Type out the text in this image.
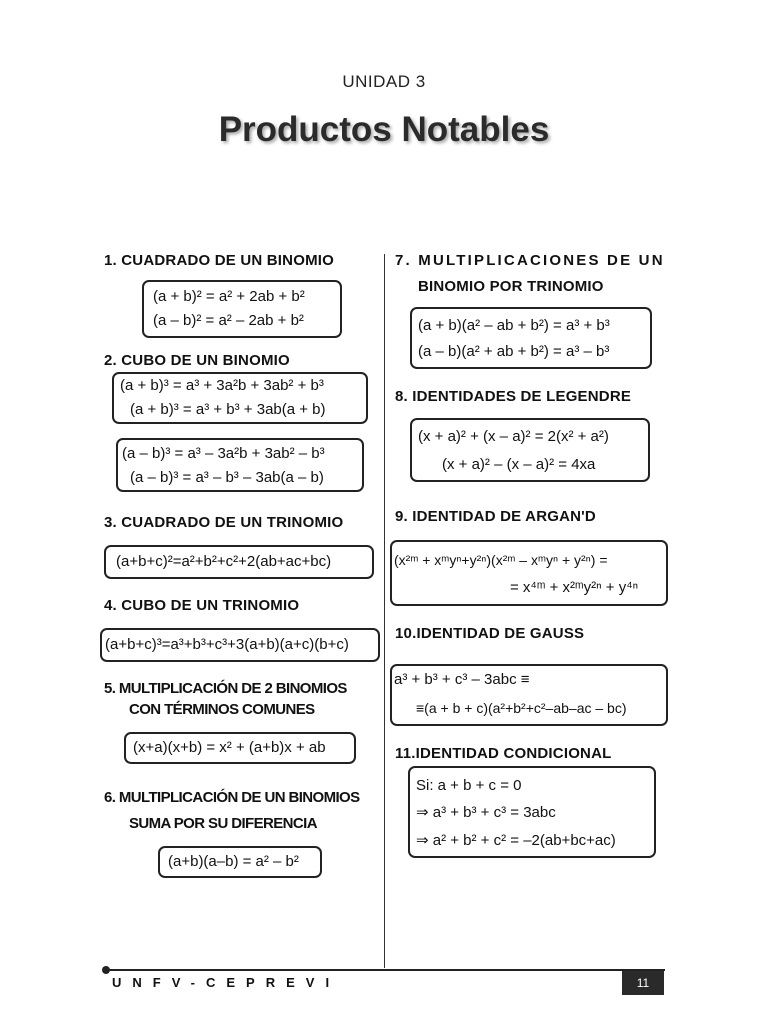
UNIDAD 3
Productos Notables
1. CUADRADO DE UN BINOMIO
(a + b)² = a² + 2ab + b²
(a – b)² = a² – 2ab + b²
2. CUBO DE UN BINOMIO
(a + b)³ = a³ + 3a²b + 3ab² + b³
(a + b)³ = a³ + b³ + 3ab(a + b)
(a – b)³ = a³ – 3a²b + 3ab² – b³
(a – b)³ = a³ – b³ – 3ab(a – b)
3. CUADRADO DE UN TRINOMIO
(a+b+c)²=a²+b²+c²+2(ab+ac+bc)
4. CUBO DE UN TRINOMIO
(a+b+c)³=a³+b³+c³+3(a+b)(a+c)(b+c)
5. MULTIPLICACIÓN DE 2 BINOMIOS
CON TÉRMINOS COMUNES
(x+a)(x+b) = x² + (a+b)x + ab
6. MULTIPLICACIÓN DE UN BINOMIOS
SUMA POR SU DIFERENCIA
(a+b)(a–b) = a² – b²
7. MULTIPLICACIONES DE UN
BINOMIO POR TRINOMIO
(a + b)(a² – ab + b²) = a³ + b³
(a – b)(a² + ab + b²) = a³ – b³
8. IDENTIDADES DE LEGENDRE
(x + a)² + (x – a)² = 2(x² + a²)
(x + a)² – (x – a)² = 4xa
9. IDENTIDAD DE ARGAN'D
(x²ᵐ + xᵐyⁿ+y²ⁿ)(x²ᵐ – xᵐyⁿ + y²ⁿ) =
= x⁴ᵐ + x²ᵐy²ⁿ + y⁴ⁿ
10.IDENTIDAD DE GAUSS
a³ + b³ + c³ – 3abc ≡
≡(a + b + c)(a²+b²+c²–ab–ac – bc)
11.IDENTIDAD CONDICIONAL
Si: a + b + c = 0
⇒ a³ + b³ + c³ = 3abc
⇒ a² + b² + c² = –2(ab+bc+ac)
UNFV-CEPREVI	11
